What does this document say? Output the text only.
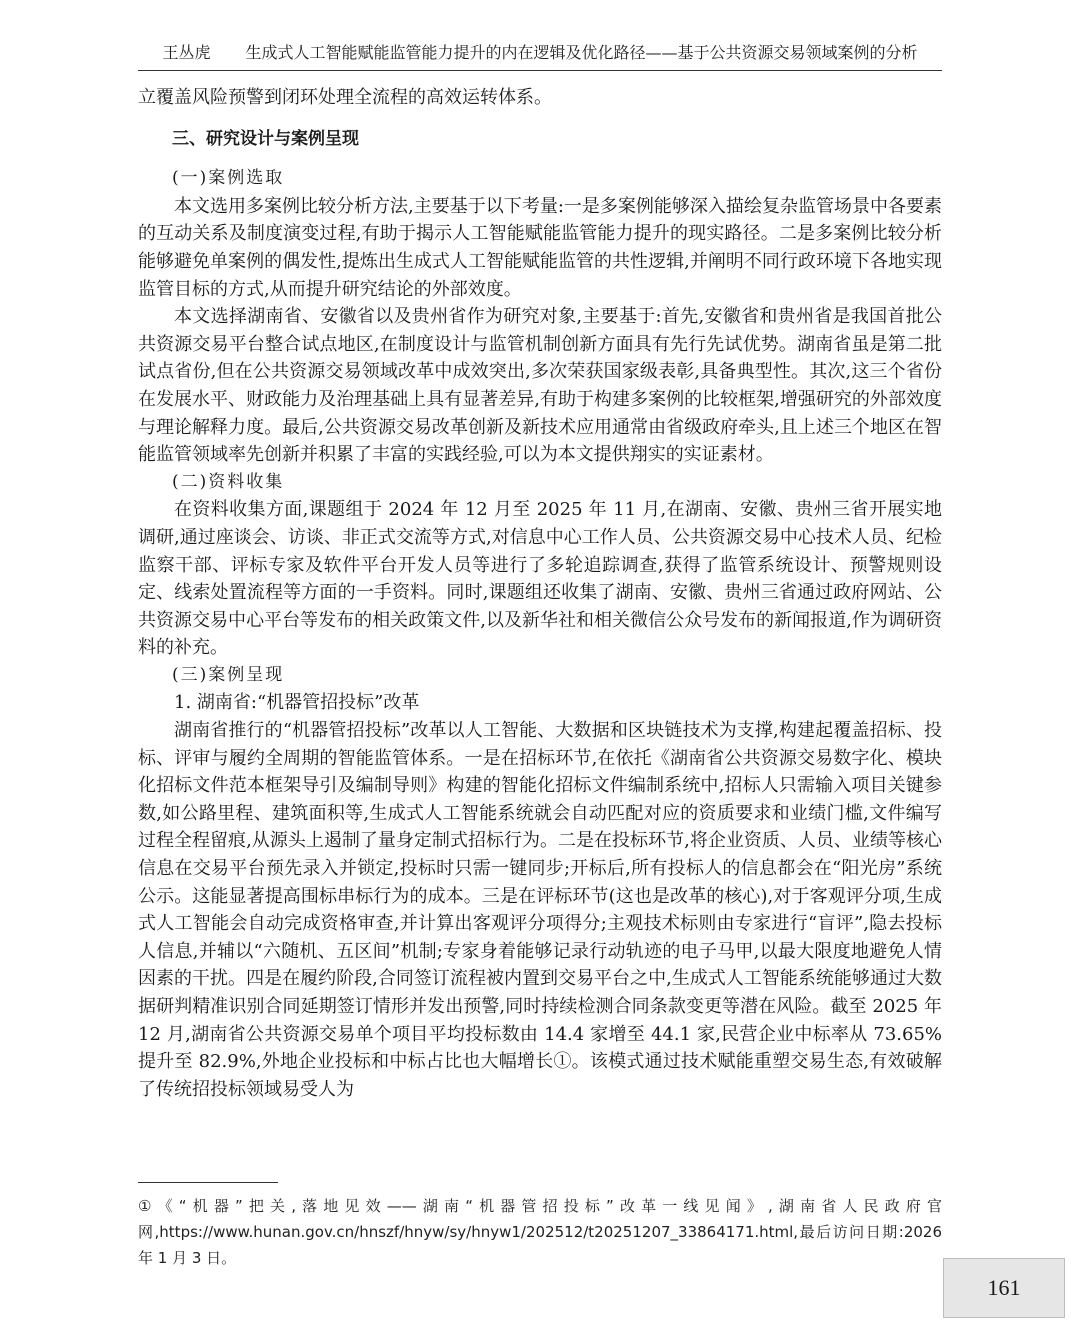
王丛虎 生成式人工智能赋能监管能力提升的内在逻辑及优化路径——基于公共资源交易领域案例的分析

立覆盖风险预警到闭环处理全流程的高效运转体系。

三、研究设计与案例呈现

(一)案例选取

本文选用多案例比较分析方法,主要基于以下考量:一是多案例能够深入描绘复杂监管场景中各要素的互动关系及制度演变过程,有助于揭示人工智能赋能监管能力提升的现实路径。二是多案例比较分析能够避免单案例的偶发性,提炼出生成式人工智能赋能监管的共性逻辑,并阐明不同行政环境下各地实现监管目标的方式,从而提升研究结论的外部效度。

本文选择湖南省、安徽省以及贵州省作为研究对象,主要基于:首先,安徽省和贵州省是我国首批公共资源交易平台整合试点地区,在制度设计与监管机制创新方面具有先行先试优势。湖南省虽是第二批试点省份,但在公共资源交易领域改革中成效突出,多次荣获国家级表彰,具备典型性。其次,这三个省份在发展水平、财政能力及治理基础上具有显著差异,有助于构建多案例的比较框架,增强研究的外部效度与理论解释力度。最后,公共资源交易改革创新及新技术应用通常由省级政府牵头,且上述三个地区在智能监管领域率先创新并积累了丰富的实践经验,可以为本文提供翔实的实证素材。

(二)资料收集

在资料收集方面,课题组于 2024 年 12 月至 2025 年 11 月,在湖南、安徽、贵州三省开展实地调研,通过座谈会、访谈、非正式交流等方式,对信息中心工作人员、公共资源交易中心技术人员、纪检监察干部、评标专家及软件平台开发人员等进行了多轮追踪调查,获得了监管系统设计、预警规则设定、线索处置流程等方面的一手资料。同时,课题组还收集了湖南、安徽、贵州三省通过政府网站、公共资源交易中心平台等发布的相关政策文件,以及新华社和相关微信公众号发布的新闻报道,作为调研资料的补充。

(三)案例呈现

1. 湖南省:“机器管招投标”改革

湖南省推行的“机器管招投标”改革以人工智能、大数据和区块链技术为支撑,构建起覆盖招标、投标、评审与履约全周期的智能监管体系。一是在招标环节,在依托《湖南省公共资源交易数字化、模块化招标文件范本框架导引及编制导则》构建的智能化招标文件编制系统中,招标人只需输入项目关键参数,如公路里程、建筑面积等,生成式人工智能系统就会自动匹配对应的资质要求和业绩门槛,文件编写过程全程留痕,从源头上遏制了量身定制式招标行为。二是在投标环节,将企业资质、人员、业绩等核心信息在交易平台预先录入并锁定,投标时只需一键同步;开标后,所有投标人的信息都会在“阳光房”系统公示。这能显著提高围标串标行为的成本。三是在评标环节(这也是改革的核心),对于客观评分项,生成式人工智能会自动完成资格审查,并计算出客观评分项得分;主观技术标则由专家进行“盲评”,隐去投标人信息,并辅以“六随机、五区间”机制;专家身着能够记录行动轨迹的电子马甲,以最大限度地避免人情因素的干扰。四是在履约阶段,合同签订流程被内置到交易平台之中,生成式人工智能系统能够通过大数据研判精准识别合同延期签订情形并发出预警,同时持续检测合同条款变更等潜在风险。截至 2025 年 12 月,湖南省公共资源交易单个项目平均投标数由 14.4 家增至 44.1 家,民营企业中标率从 73.65%提升至 82.9%,外地企业投标和中标占比也大幅增长①。该模式通过技术赋能重塑交易生态,有效破解了传统招投标领域易受人为

①《“机器”把关,落地见效——湖南“机器管招投标”改革一线见闻》,湖南省人民政府官网,https://www.hunan.gov.cn/hnszf/hnyw/sy/hnyw1/202512/t20251207_33864171.html,最后访问日期:2026 年 1 月 3 日。
161
